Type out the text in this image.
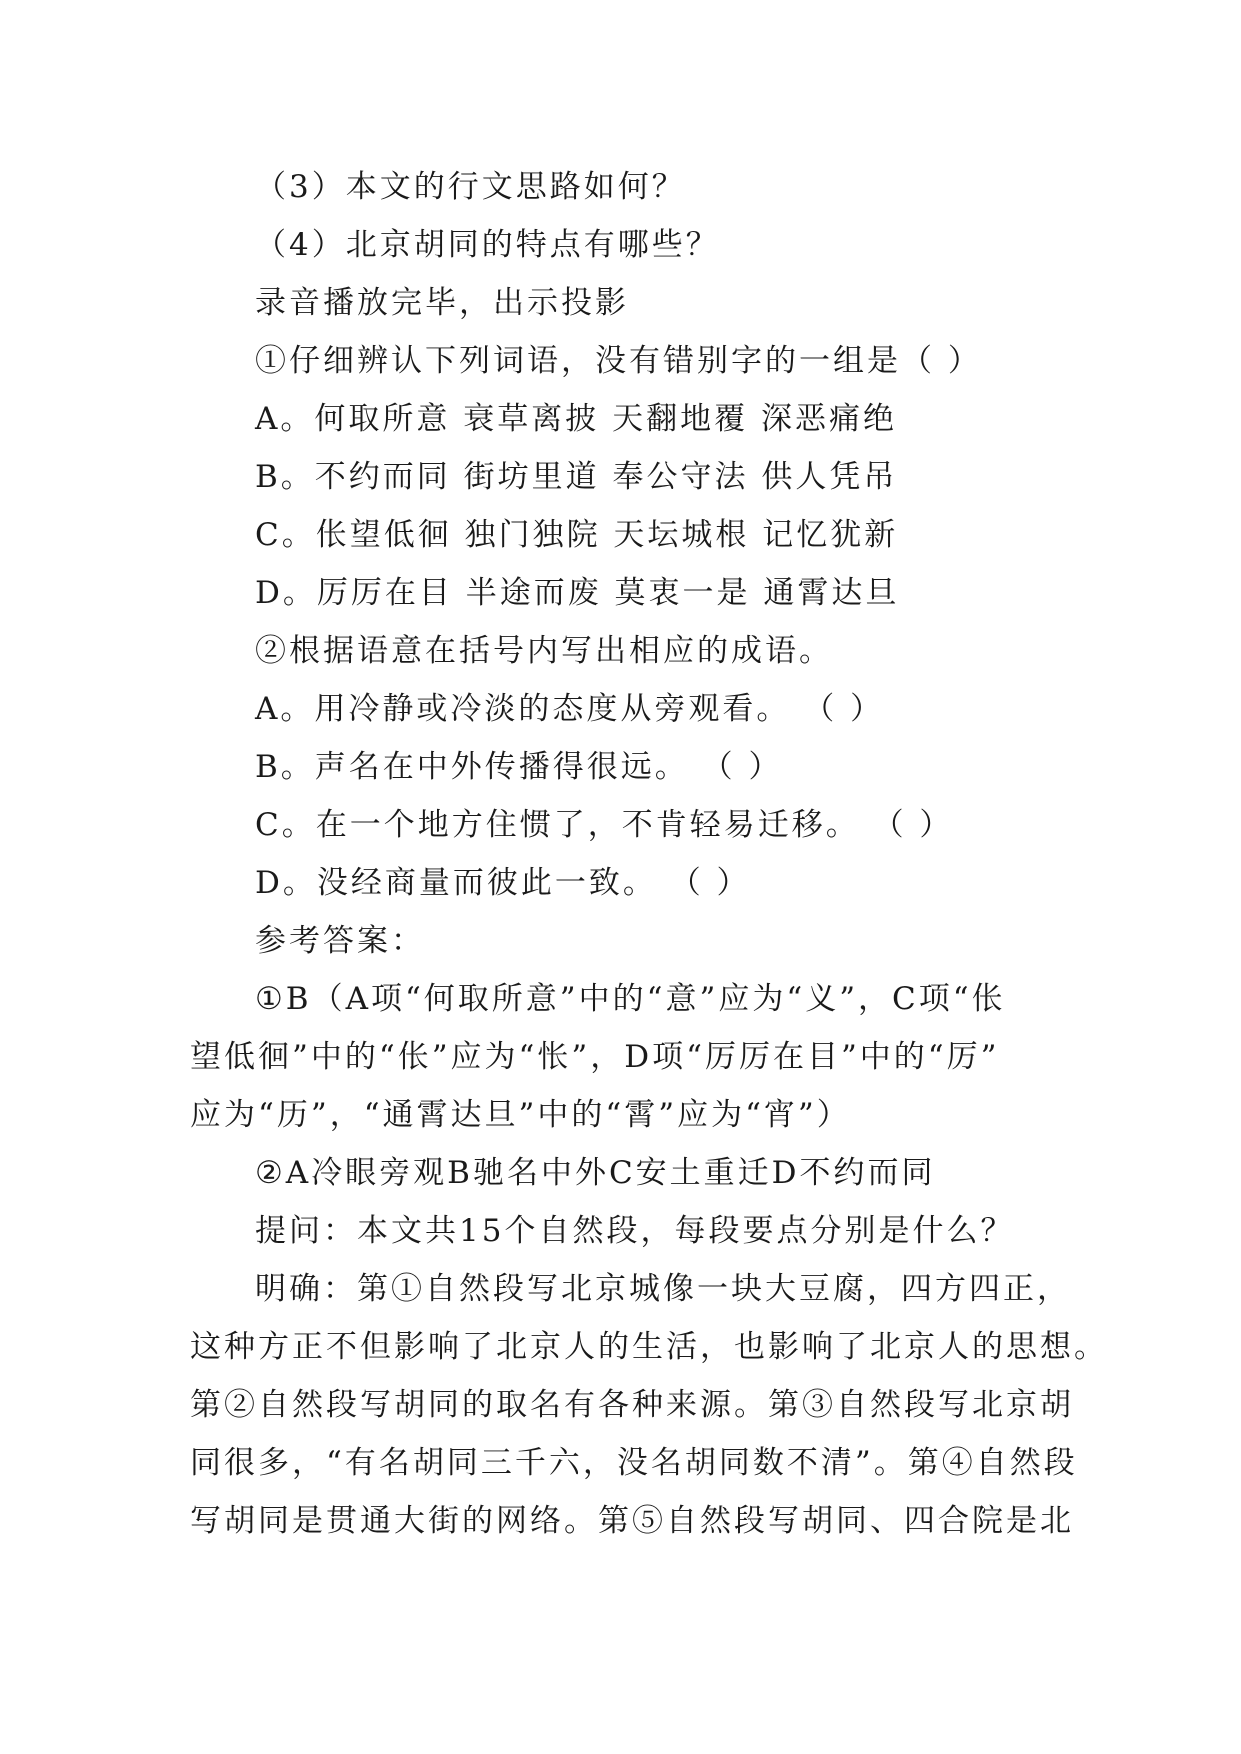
（3）本文的行文思路如何？
（4）北京胡同的特点有哪些？
录音播放完毕，出示投影
①仔细辨认下列词语，没有错别字的一组是（ ）
A。何取所意 衰草离披 天翻地覆 深恶痛绝
B。不约而同 街坊里道 奉公守法 供人凭吊
C。伥望低徊 独门独院 天坛城根 记忆犹新
D。厉厉在目 半途而废 莫衷一是 通霄达旦
②根据语意在括号内写出相应的成语。
A。用冷静或冷淡的态度从旁观看。 （ ）
B。声名在中外传播得很远。 （ ）
C。在一个地方住惯了，不肯轻易迁移。 （ ）
D。没经商量而彼此一致。 （ ）
参考答案：
①B（A项“何取所意”中的“意”应为“义”，C项“伥
望低徊”中的“伥”应为“怅”，D项“厉厉在目”中的“厉”
应为“历”，“通霄达旦”中的“霄”应为“宵”）
②A冷眼旁观B驰名中外C安土重迁D不约而同
提问：本文共15个自然段，每段要点分别是什么？
明确：第①自然段写北京城像一块大豆腐，四方四正，
这种方正不但影响了北京人的生活，也影响了北京人的思想。
第②自然段写胡同的取名有各种来源。第③自然段写北京胡
同很多，“有名胡同三千六，没名胡同数不清”。第④自然段
写胡同是贯通大街的网络。第⑤自然段写胡同、四合院是北
